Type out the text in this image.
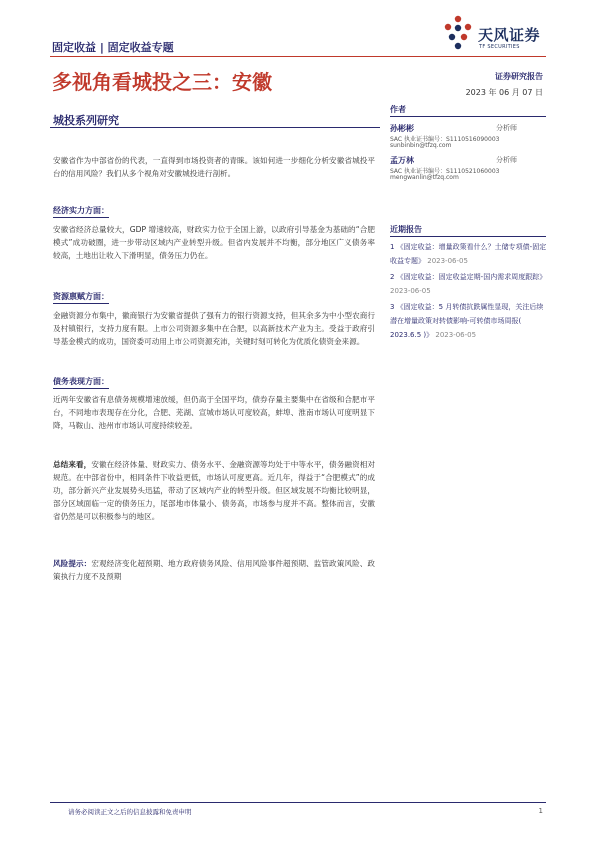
固定收益 | 固定收益专题
天风证券
TF SECURITIES
多视角看城投之三：安徽	证券研究报告
2023 年 06 月 07 日
城投系列研究

安徽省作为中部省份的代表，一直得到市场投资者的青睐。该如何进一步细化分析安徽省城投平台的信用风险？我们从多个视角对安徽城投进行剖析。

经济实力方面：

安徽省经济总量较大，GDP 增速较高，财政实力位于全国上游，以政府引导基金为基础的“合肥模式”成功破圈，进一步带动区域内产业转型升级。但省内发展并不均衡，部分地区广义债务率较高，土地出让收入下滑明显，债务压力仍在。

资源禀赋方面：

金融资源分布集中，徽商银行为安徽省提供了强有力的银行资源支持，但其余多为中小型农商行及村镇银行，支持力度有限。上市公司资源多集中在合肥，以高新技术产业为主。受益于政府引导基金模式的成功，国资委可动用上市公司资源充沛，关键时刻可转化为优质化债资金来源。

债务表现方面：

近两年安徽省有息债务规模增速放缓，但仍高于全国平均，债券存量主要集中在省级和合肥市平台，不同地市表现存在分化，合肥、芜湖、宣城市场认可度较高，蚌埠、淮南市场认可度明显下降，马鞍山、池州市市场认可度持续较差。

总结来看，安徽在经济体量、财政实力、债务水平、金融资源等均处于中等水平，债务融资相对规范。在中部省份中，相同条件下收益更低，市场认可度更高。近几年，得益于“合肥模式”的成功，部分新兴产业发展势头迅猛，带动了区域内产业的转型升级。但区域发展不均衡比较明显，部分区域面临一定的债务压力，尾部地市体量小、债务高，市场参与度并不高。整体而言，安徽省仍然是可以积极参与的地区。

风险提示：宏观经济变化超预期、地方政府债务风险、信用风险事件超预期、监管政策风险、政策执行力度不及预期

作者
孙彬彬	分析师
SAC 执业证书编号：S1110516090003
sunbinbin@tfzq.com
孟万林	分析师
SAC 执业证书编号：S1110521060003
mengwanlin@tfzq.com
近期报告
1 《固定收益：增量政策看什么？土储专项债-固定收益专题》 2023-06-05
2 《固定收益：固定收益定期-国内需求周度跟踪》 2023-06-05
3 《固定收益：5 月转债抗跌属性显现，关注后续潜在增量政策对转债影响-可转债市场周报( 2023.6.5 )》 2023-06-05
请务必阅读正文之后的信息披露和免责申明	1
